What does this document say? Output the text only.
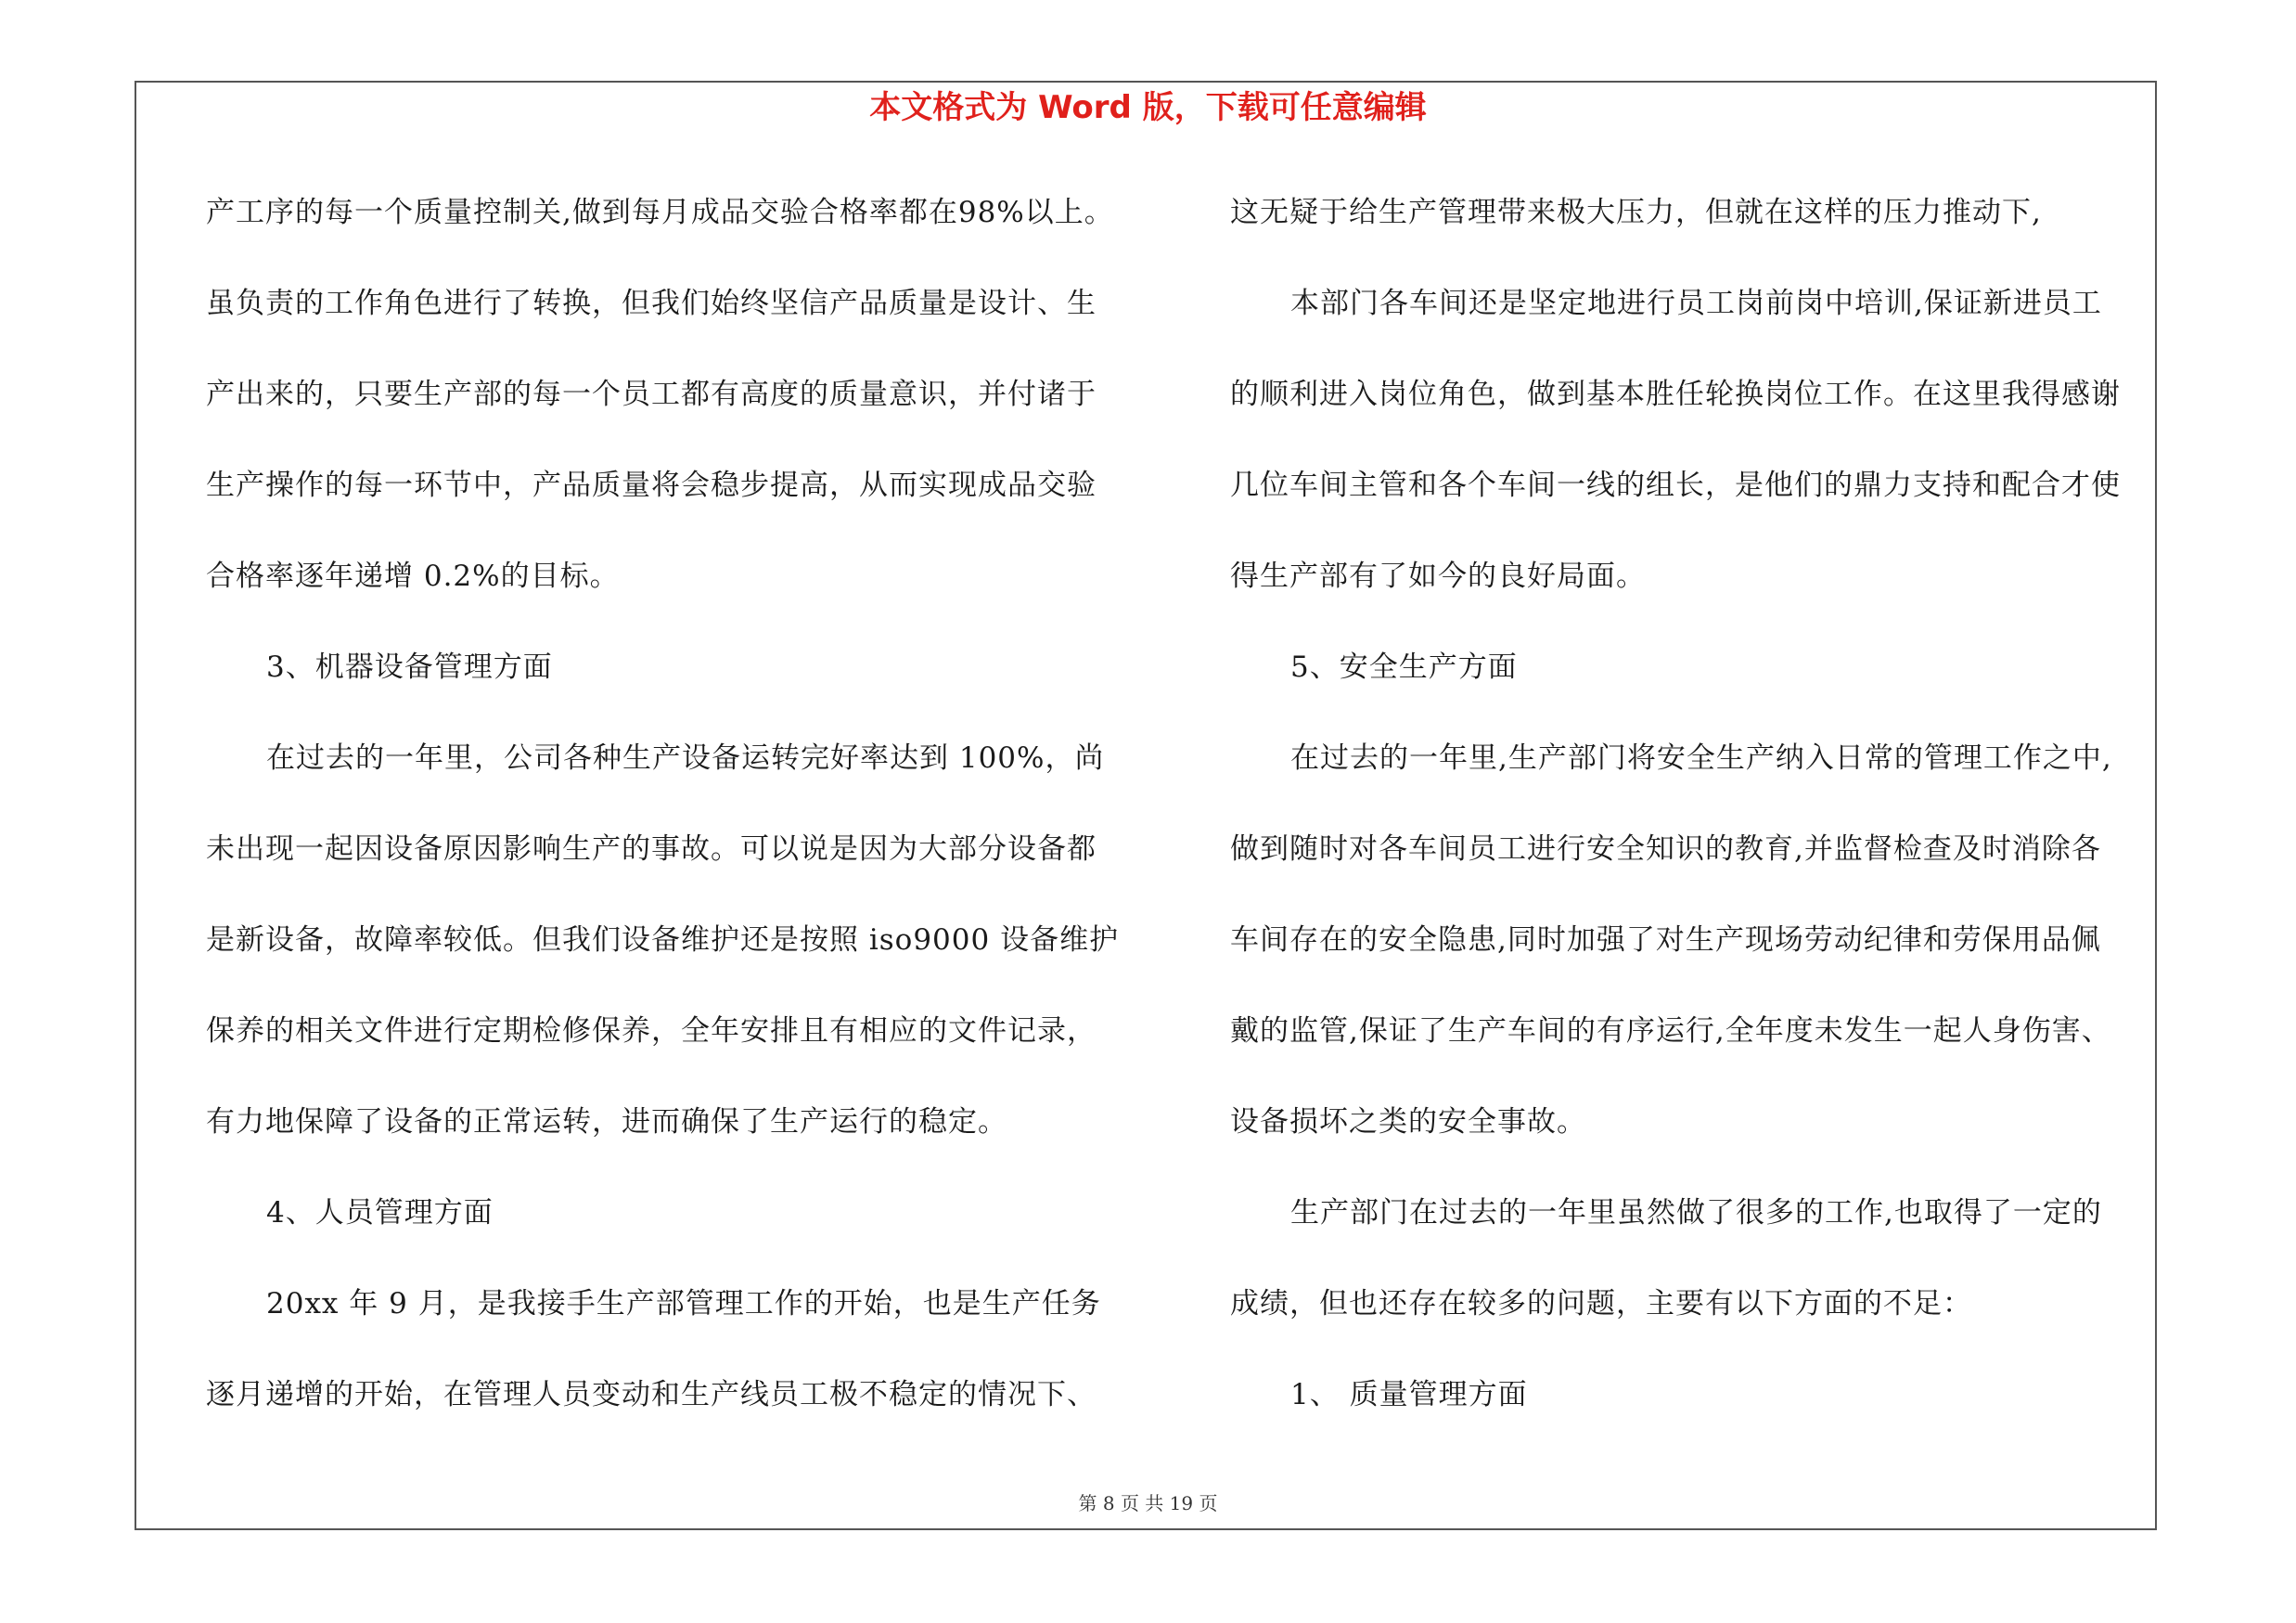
本文格式为 Word 版，下载可任意编辑
产工序的每一个质量控制关,做到每月成品交验合格率都在98%以上。
虽负责的工作角色进行了转换，但我们始终坚信产品质量是设计、生
产出来的，只要生产部的每一个员工都有高度的质量意识，并付诸于
生产操作的每一环节中，产品质量将会稳步提高，从而实现成品交验
合格率逐年递增 0.2%的目标。
3、机器设备管理方面
在过去的一年里，公司各种生产设备运转完好率达到 100%，尚
未出现一起因设备原因影响生产的事故。可以说是因为大部分设备都
是新设备，故障率较低。但我们设备维护还是按照 iso9000 设备维护
保养的相关文件进行定期检修保养，全年安排且有相应的文件记录，
有力地保障了设备的正常运转，进而确保了生产运行的稳定。
4、人员管理方面
20xx 年 9 月，是我接手生产部管理工作的开始，也是生产任务
逐月递增的开始，在管理人员变动和生产线员工极不稳定的情况下、
这无疑于给生产管理带来极大压力，但就在这样的压力推动下,
本部门各车间还是坚定地进行员工岗前岗中培训,保证新进员工
的顺利进入岗位角色，做到基本胜任轮换岗位工作。在这里我得感谢
几位车间主管和各个车间一线的组长，是他们的鼎力支持和配合才使
得生产部有了如今的良好局面。
5、安全生产方面
在过去的一年里,生产部门将安全生产纳入日常的管理工作之中,
做到随时对各车间员工进行安全知识的教育,并监督检查及时消除各
车间存在的安全隐患,同时加强了对生产现场劳动纪律和劳保用品佩
戴的监管,保证了生产车间的有序运行,全年度未发生一起人身伤害、
设备损坏之类的安全事故。
生产部门在过去的一年里虽然做了很多的工作,也取得了一定的
成绩，但也还存在较多的问题，主要有以下方面的不足：
1、 质量管理方面
第 8 页 共 19 页
